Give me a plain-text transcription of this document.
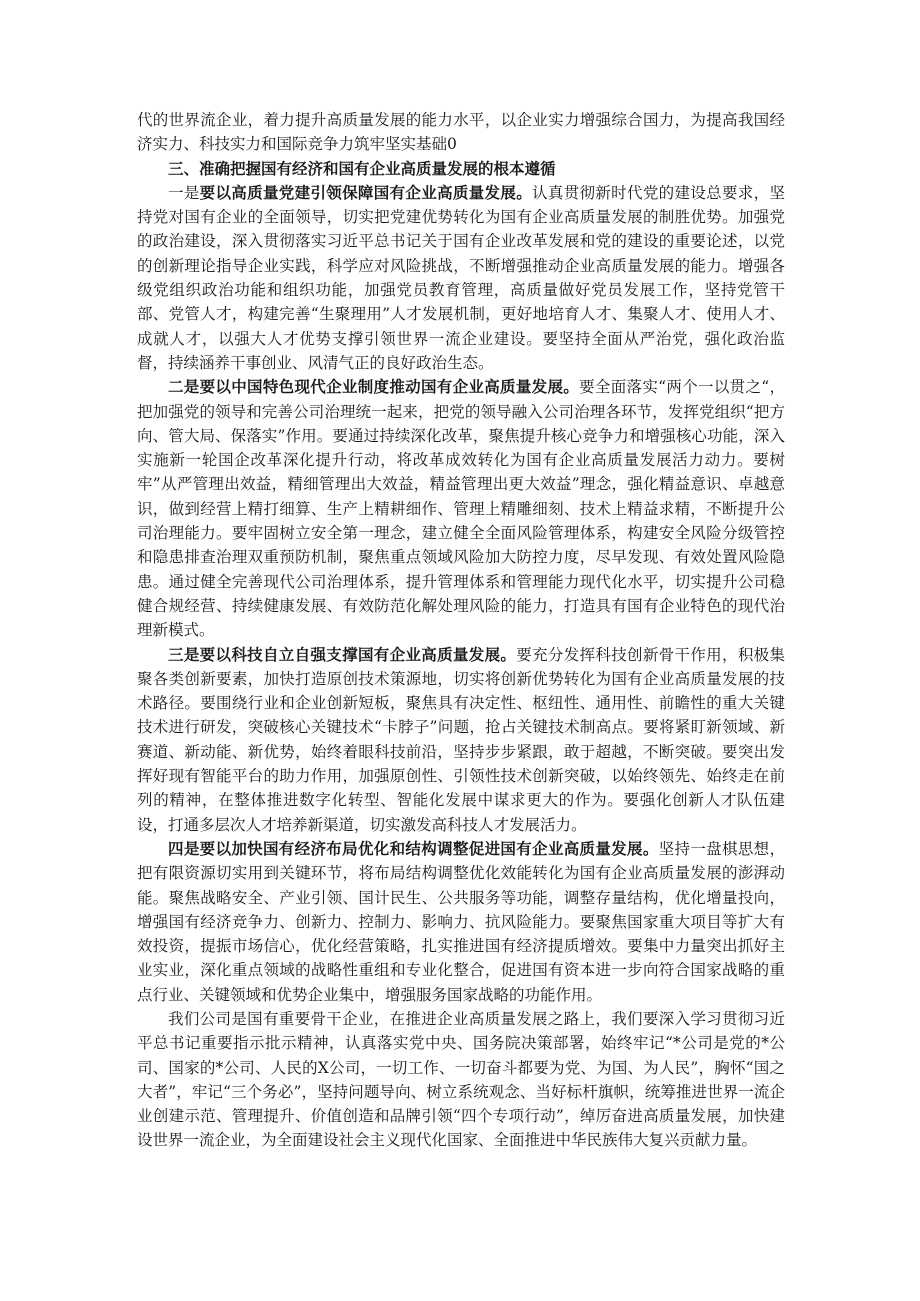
代的世界流企业，着力提升高质量发展的能力水平，以企业实力增强综合国力，为提高我国经济实力、科技实力和国际竞争力筑牢坚实基础0

三、准确把握国有经济和国有企业高质量发展的根本遵循

一是要以高质量党建引领保障国有企业高质量发展。认真贯彻新时代党的建设总要求，坚持党对国有企业的全面领导，切实把党建优势转化为国有企业高质量发展的制胜优势。加强党的政治建设，深入贯彻落实习近平总书记关于国有企业改革发展和党的建设的重要论述，以党的创新理论指导企业实践，科学应对风险挑战，不断增强推动企业高质量发展的能力。增强各级党组织政治功能和组织功能，加强党员教育管理，高质量做好党员发展工作，坚持党管干部、党管人才，构建完善“生聚理用”人才发展机制，更好地培育人才、集聚人才、使用人才、成就人才，以强大人才优势支撑引领世界一流企业建设。要坚持全面从严治党，强化政治监督，持续涵养干事创业、风清气正的良好政治生态。

二是要以中国特色现代企业制度推动国有企业高质量发展。要全面落实“两个一以贯之“，把加强党的领导和完善公司治理统一起来，把党的领导融入公司治理各环节，发挥党组织“把方向、管大局、保落实”作用。要通过持续深化改革，聚焦提升核心竞争力和增强核心功能，深入实施新一轮国企改革深化提升行动，将改革成效转化为国有企业高质量发展活力动力。要树牢”从严管理出效益，精细管理出大效益，精益管理出更大效益”理念，强化精益意识、卓越意识，做到经营上精打细算、生产上精耕细作、管理上精雕细刻、技术上精益求精，不断提升公司治理能力。要牢固树立安全第一理念，建立健全全面风险管理体系，构建安全风险分级管控和隐患排查治理双重预防机制，聚焦重点领域风险加大防控力度，尽早发现、有效处置风险隐患。通过健全完善现代公司治理体系，提升管理体系和管理能力现代化水平，切实提升公司稳健合规经营、持续健康发展、有效防范化解处理风险的能力，打造具有国有企业特色的现代治理新模式。

三是要以科技自立自强支撑国有企业高质量发展。要充分发挥科技创新骨干作用，积极集聚各类创新要素，加快打造原创技术策源地，切实将创新优势转化为国有企业高质量发展的技术路径。要围绕行业和企业创新短板，聚焦具有决定性、枢纽性、通用性、前瞻性的重大关键技术进行研发，突破核心关键技术“卡脖子”问题，抢占关键技术制高点。要将紧盯新领域、新赛道、新动能、新优势，始终着眼科技前沿，坚持步步紧跟，敢于超越，不断突破。要突出发挥好现有智能平台的助力作用，加强原创性、引领性技术创新突破，以始终领先、始终走在前列的精神，在整体推进数字化转型、智能化发展中谋求更大的作为。要强化创新人才队伍建设，打通多层次人才培养新渠道，切实激发高科技人才发展活力。

四是要以加快国有经济布局优化和结构调整促进国有企业高质量发展。坚持一盘棋思想，把有限资源切实用到关键环节，将布局结构调整优化效能转化为国有企业高质量发展的澎湃动能。聚焦战略安全、产业引领、国计民生、公共服务等功能，调整存量结构，优化增量投向，增强国有经济竞争力、创新力、控制力、影响力、抗风险能力。要聚焦国家重大项目等扩大有效投资，提振市场信心，优化经营策略，扎实推进国有经济提质增效。要集中力量突出抓好主业实业，深化重点领域的战略性重组和专业化整合，促进国有资本进一步向符合国家战略的重点行业、关键领域和优势企业集中，增强服务国家战略的功能作用。

我们公司是国有重要骨干企业，在推进企业高质量发展之路上，我们要深入学习贯彻习近平总书记重要指示批示精神，认真落实党中央、国务院决策部署，始终牢记“*公司是党的*公司、国家的*公司、人民的X公司，一切工作、一切奋斗都要为党、为国、为人民”，胸怀“国之大者”，牢记“三个务必”，坚持问题导向、树立系统观念、当好标杆旗帜，统筹推进世界一流企业创建示范、管理提升、价值创造和品牌引领“四个专项行动”，绰厉奋进高质量发展，加快建设世界一流企业，为全面建设社会主义现代化国家、全面推进中华民族伟大复兴贡献力量。
